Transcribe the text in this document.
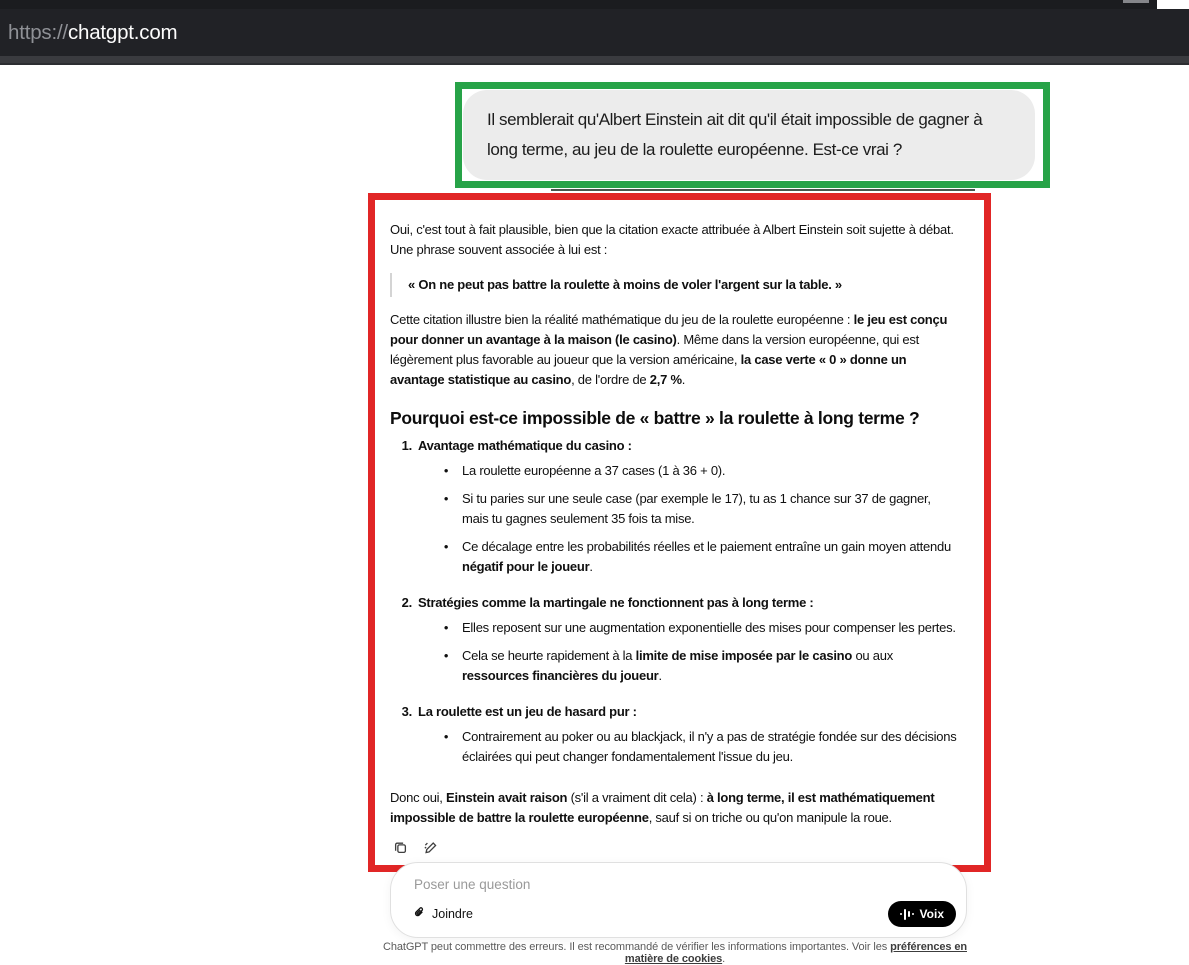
https:// chatgpt.com

Il semblerait qu'Albert Einstein ait dit qu'il était impossible de gagner à long terme, au jeu de la roulette européenne. Est-ce vrai ?

Oui, c'est tout à fait plausible, bien que la citation exacte attribuée à Albert Einstein soit sujette à débat. Une phrase souvent associée à lui est :

« On ne peut pas battre la roulette à moins de voler l'argent sur la table. »

Cette citation illustre bien la réalité mathématique du jeu de la roulette européenne : le jeu est conçu pour donner un avantage à la maison (le casino). Même dans la version européenne, qui est légèrement plus favorable au joueur que la version américaine, la case verte « 0 » donne un avantage statistique au casino, de l'ordre de 2,7 %.

Pourquoi est-ce impossible de « battre » la roulette à long terme ?
1. Avantage mathématique du casino :

• La roulette européenne a 37 cases (1 à 36 + 0).

• Si tu paries sur une seule case (par exemple le 17), tu as 1 chance sur 37 de gagner, mais tu gagnes seulement 35 fois ta mise.

• Ce décalage entre les probabilités réelles et le paiement entraîne un gain moyen attendu négatif pour le joueur.

2. Stratégies comme la martingale ne fonctionnent pas à long terme :

• Elles reposent sur une augmentation exponentielle des mises pour compenser les pertes.

• Cela se heurte rapidement à la limite de mise imposée par le casino ou aux ressources financières du joueur.

3. La roulette est un jeu de hasard pur :

• Contrairement au poker ou au blackjack, il n'y a pas de stratégie fondée sur des décisions éclairées qui peut changer fondamentalement l'issue du jeu.

Donc oui, Einstein avait raison (s'il a vraiment dit cela) : à long terme, il est mathématiquement impossible de battre la roulette européenne, sauf si on triche ou qu'on manipule la roue.

Poser une question
Joindre	Voix
ChatGPT peut commettre des erreurs. Il est recommandé de vérifier les informations importantes. Voir les préférences en matière de cookies.
